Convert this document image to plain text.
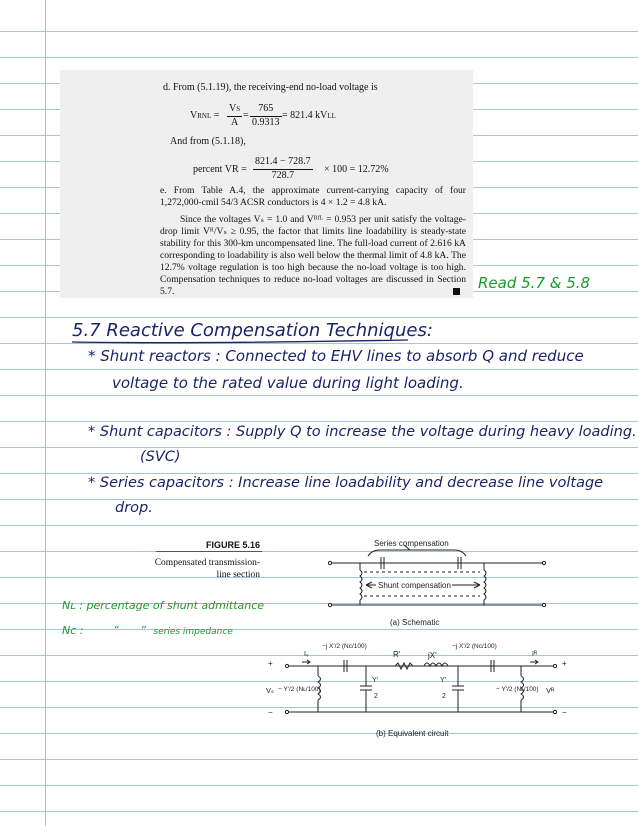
d. From (5.1.19), the receiving-end no-load voltage is
VRNL = $\frac{VS}{A} = \frac{765}{0.9313} = 821.4$ kVLL
And from (5.1.18),
percent VR = $\frac{821.4 - 728.7}{728.7} \times 100 = 12.72\%$
e. From Table A.4, the approximate current-carrying capacity of four 1,272,000-cmil 54/3 ACSR conductors is 4 × 1.2 = 4.8 kA.
Since the voltages Vₛ = 1.0 and Vᴿᶠᴸ = 0.953 per unit satisfy the voltage-drop limit Vᴿ/Vₛ ≥ 0.95, the factor that limits line loadability is steady-state stability for this 300-km uncompensated line. The full-load current of 2.616 kA corresponding to loadability is also well below the thermal limit of 4.8 kA. The 12.7% voltage regulation is too high because the no-load voltage is too high. Compensation techniques to reduce no-load voltages are discussed in Section 5.7.	Read 5.7 & 5.8
5.7 Reactive Compensation Techniques:
* Shunt reactors : Connected to EHV lines to absorb Q and reduce
voltage to the rated value during light loading.
* Shunt capacitors : Supply Q to increase the voltage during heavy loading.
(SVC)
* Series capacitors : Increase line loadability and decrease line voltage
drop.
Nʟ : percentage of shunt admittance
Nᴄ :	” ” series impedance
FIGURE 5.16
Compensated transmission-line section
Series compensation
Shunt compensation
(a) Schematic
(b) Equivalent circuit
R'	jX'
Iₛ	Iᴿ
+
−
+
−
Vₛ	Vᴿ
Y'
2
Y'
2
−j X'/2 (Nᴄ/100)	−j X'/2 (Nᴄ/100)
− Y'/2 (Nʟ/100)	− Y'/2 (Nʟ/100)
